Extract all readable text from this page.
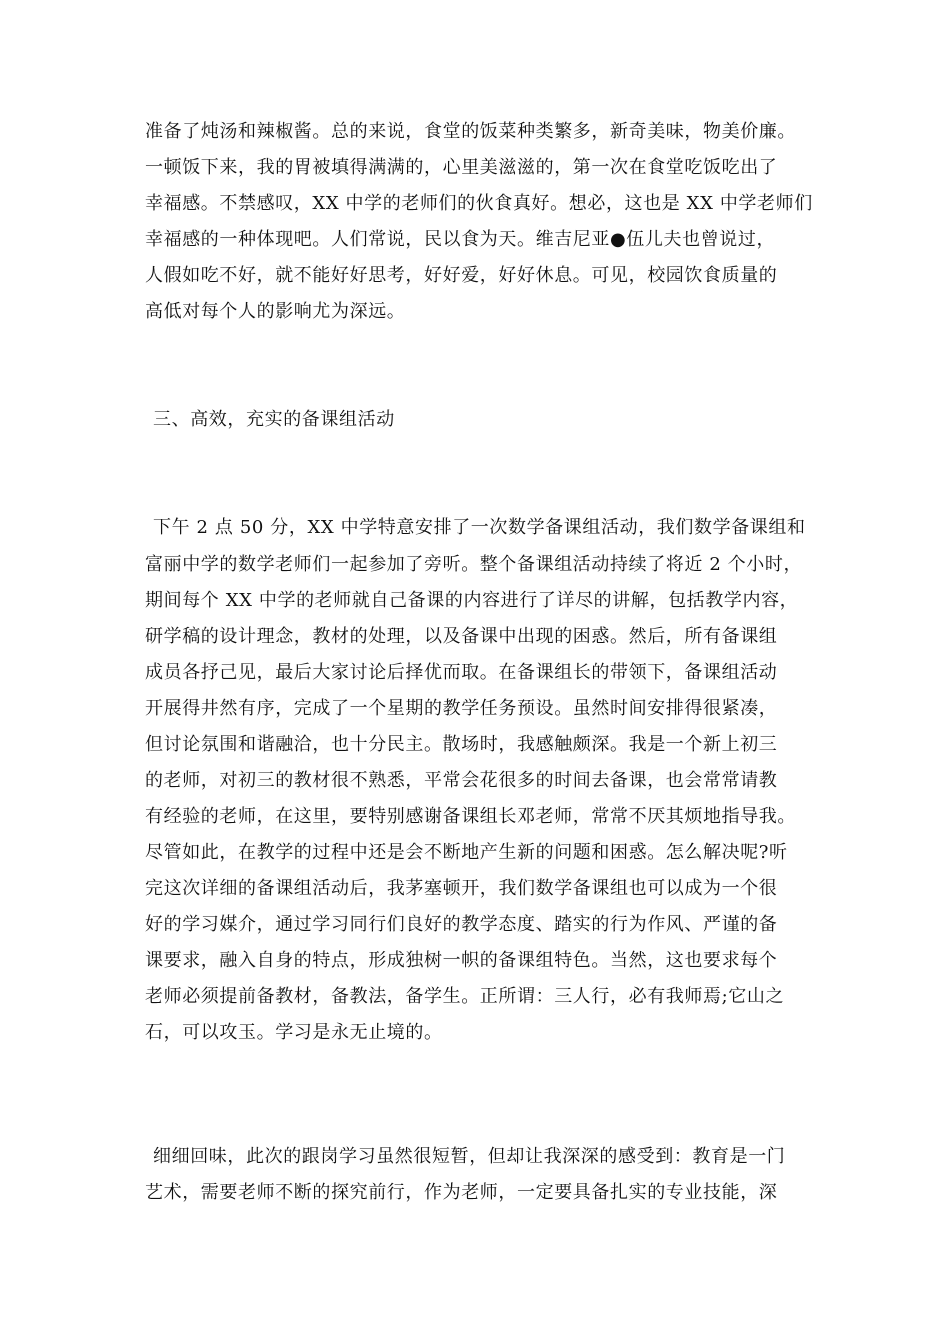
准备了炖汤和辣椒酱。总的来说，食堂的饭菜种类繁多，新奇美味，物美价廉。
一顿饭下来，我的胃被填得满满的，心里美滋滋的，第一次在食堂吃饭吃出了
幸福感。不禁感叹，XX 中学的老师们的伙食真好。想必，这也是 XX 中学老师们
幸福感的一种体现吧。人们常说，民以食为天。维吉尼亚●伍儿夫也曾说过，
人假如吃不好，就不能好好思考，好好爱，好好休息。可见，校园饮食质量的
高低对每个人的影响尤为深远。
三、高效，充实的备课组活动
下午 2 点 50 分，XX 中学特意安排了一次数学备课组活动，我们数学备课组和
富丽中学的数学老师们一起参加了旁听。整个备课组活动持续了将近 2 个小时，
期间每个 XX 中学的老师就自己备课的内容进行了详尽的讲解，包括教学内容，
研学稿的设计理念，教材的处理，以及备课中出现的困惑。然后，所有备课组
成员各抒己见，最后大家讨论后择优而取。在备课组长的带领下，备课组活动
开展得井然有序，完成了一个星期的教学任务预设。虽然时间安排得很紧凑，
但讨论氛围和谐融洽，也十分民主。散场时，我感触颇深。我是一个新上初三
的老师，对初三的教材很不熟悉，平常会花很多的时间去备课，也会常常请教
有经验的老师，在这里，要特别感谢备课组长邓老师，常常不厌其烦地指导我。
尽管如此，在教学的过程中还是会不断地产生新的问题和困惑。怎么解决呢?听
完这次详细的备课组活动后，我茅塞顿开，我们数学备课组也可以成为一个很
好的学习媒介，通过学习同行们良好的教学态度、踏实的行为作风、严谨的备
课要求，融入自身的特点，形成独树一帜的备课组特色。当然，这也要求每个
老师必须提前备教材，备教法，备学生。正所谓：三人行，必有我师焉;它山之
石，可以攻玉。学习是永无止境的。
细细回味，此次的跟岗学习虽然很短暂，但却让我深深的感受到：教育是一门
艺术，需要老师不断的探究前行，作为老师，一定要具备扎实的专业技能，深
